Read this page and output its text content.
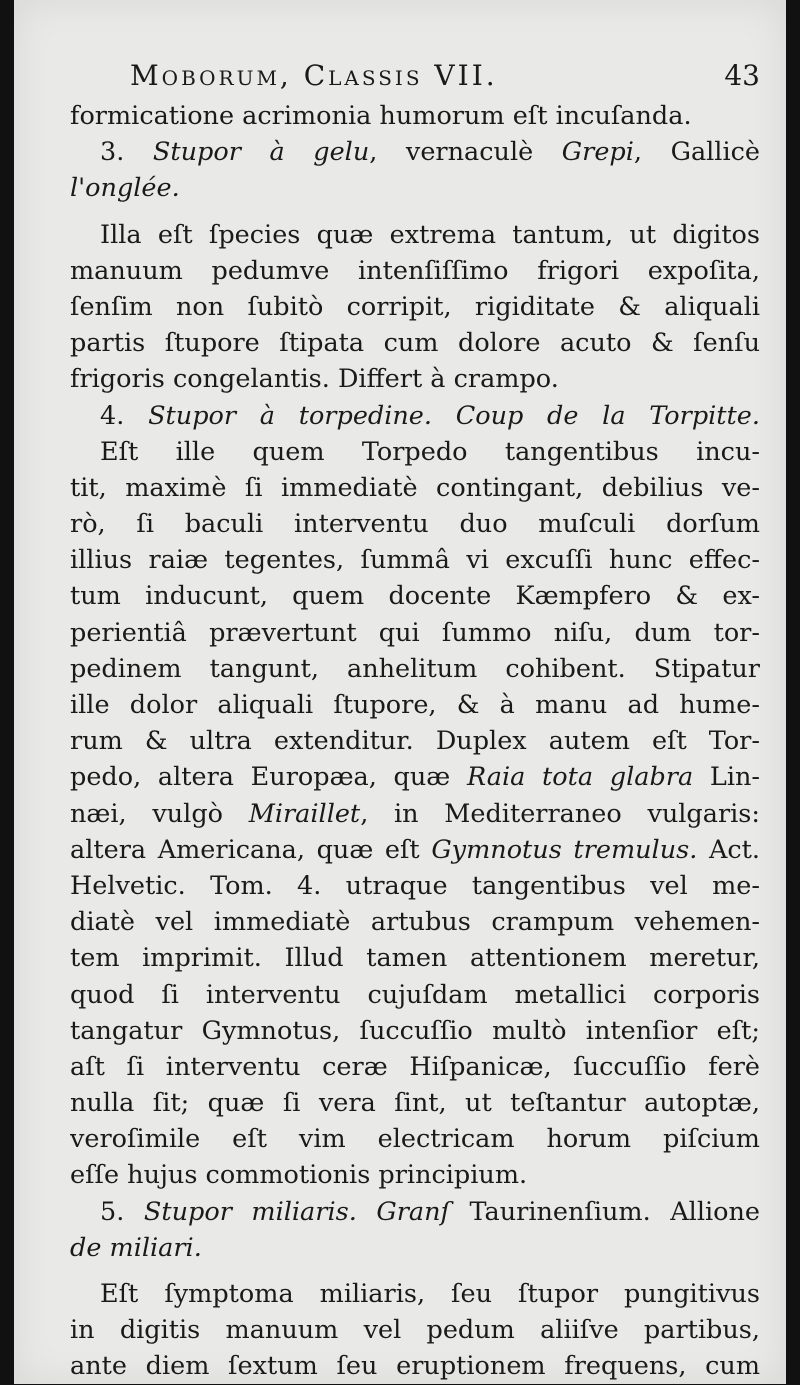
Moborum, Classis VII.	43
formicatione acrimonia humorum eſt incuſanda.
3. Stupor à gelu, vernaculè Grepi, Gallicè
l'onglée.
Illa eſt ſpecies quæ extrema tantum, ut digitos
manuum pedumve intenſiſſimo frigori expoſita,
ſenſim non ſubitò corripit, rigiditate & aliquali
partis ſtupore ſtipata cum dolore acuto & ſenſu
frigoris congelantis. Differt à crampo.
4. Stupor à torpedine. Coup de la Torpitte.
Eſt ille quem Torpedo tangentibus incu-
tit, maximè ſi immediatè contingant, debilius ve-
rò, ſi baculi interventu duo muſculi dorſum
illius raiæ tegentes, ſummâ vi excuſſi hunc effec-
tum inducunt, quem docente Kæmpfero & ex-
perientiâ prævertunt qui ſummo niſu, dum tor-
pedinem tangunt, anhelitum cohibent. Stipatur
ille dolor aliquali ſtupore, & à manu ad hume-
rum & ultra extenditur. Duplex autem eſt Tor-
pedo, altera Europæa, quæ Raia tota glabra Lin-
næi, vulgò Miraillet, in Mediterraneo vulgaris:
altera Americana, quæ eſt Gymnotus tremulus. Act.
Helvetic. Tom. 4. utraque tangentibus vel me-
diatè vel immediatè artubus crampum vehemen-
tem imprimit. Illud tamen attentionem meretur,
quod ſi interventu cujuſdam metallici corporis
tangatur Gymnotus, ſuccuſſio multò intenſior eſt;
aſt ſi interventu ceræ Hiſpanicæ, ſuccuſſio ferè
nulla ſit; quæ ſi vera ſint, ut teſtantur autoptæ,
veroſimile eſt vim electricam horum piſcium
eſſe hujus commotionis principium.
5. Stupor miliaris. Granſ Taurinenſium. Allione
de miliari.
Eſt ſymptoma miliaris, ſeu ſtupor pungitivus
in digitis manuum vel pedum aliiſve partibus,
ante diem ſextum ſeu eruptionem frequens, cum
